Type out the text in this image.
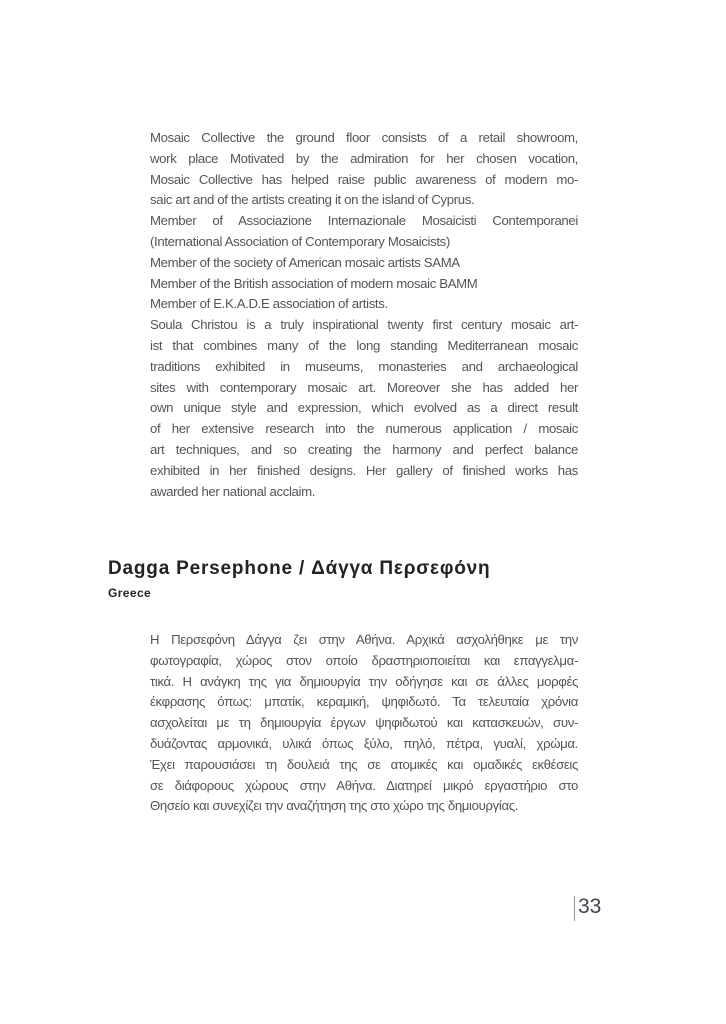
Mosaic Collective the ground floor consists of a retail showroom,
work place Motivated by the admiration for her chosen vocation,
Mosaic Collective has helped raise public awareness of modern mo-
saic art and of the artists creating it on the island of Cyprus.
Member of Associazione Internazionale Mosaicisti Contemporanei
(International Association of Contemporary Mosaicists)
Member of the society of American mosaic artists SAMA
Member of the British association of modern mosaic BAMM
Member of E.K.A.D.E association of artists.
Soula Christou is a truly inspirational twenty first century mosaic art-
ist that combines many of the long standing Mediterranean mosaic
traditions exhibited in museums, monasteries and archaeological
sites with contemporary mosaic art. Moreover she has added her
own unique style and expression, which evolved as a direct result
of her extensive research into the numerous application / mosaic
art techniques, and so creating the harmony and perfect balance
exhibited in her finished designs. Her gallery of finished works has
awarded her national acclaim.
Dagga Persephone / Δάγγα Περσεφόνη
Greece
Η Περσεφόνη Δάγγα ζει στην Αθήνα. Αρχικά ασχολήθηκε με την
φωτογραφία, χώρος στον οποίο δραστηριοποιείται και επαγγελμα-
τικά. Η ανάγκη της για δημιουργία την οδήγησε και σε άλλες μορφές
έκφρασης όπως: μπατίκ, κεραμική, ψηφιδωτό. Τα τελευταία χρόνια
ασχολείται με τη δημιουργία έργων ψηφιδωτού και κατασκευών, συν-
δυάζοντας αρμονικά, υλικά όπως ξύλο, πηλό, πέτρα, γυαλί, χρώμα.
Έχει παρουσιάσει τη δουλειά της σε ατομικές και ομαδικές εκθέσεις
σε διάφορους χώρους στην Αθήνα. Διατηρεί μικρό εργαστήριο στο
Θησείο και συνεχίζει την αναζήτηση της στο χώρο της δημιουργίας.
33
